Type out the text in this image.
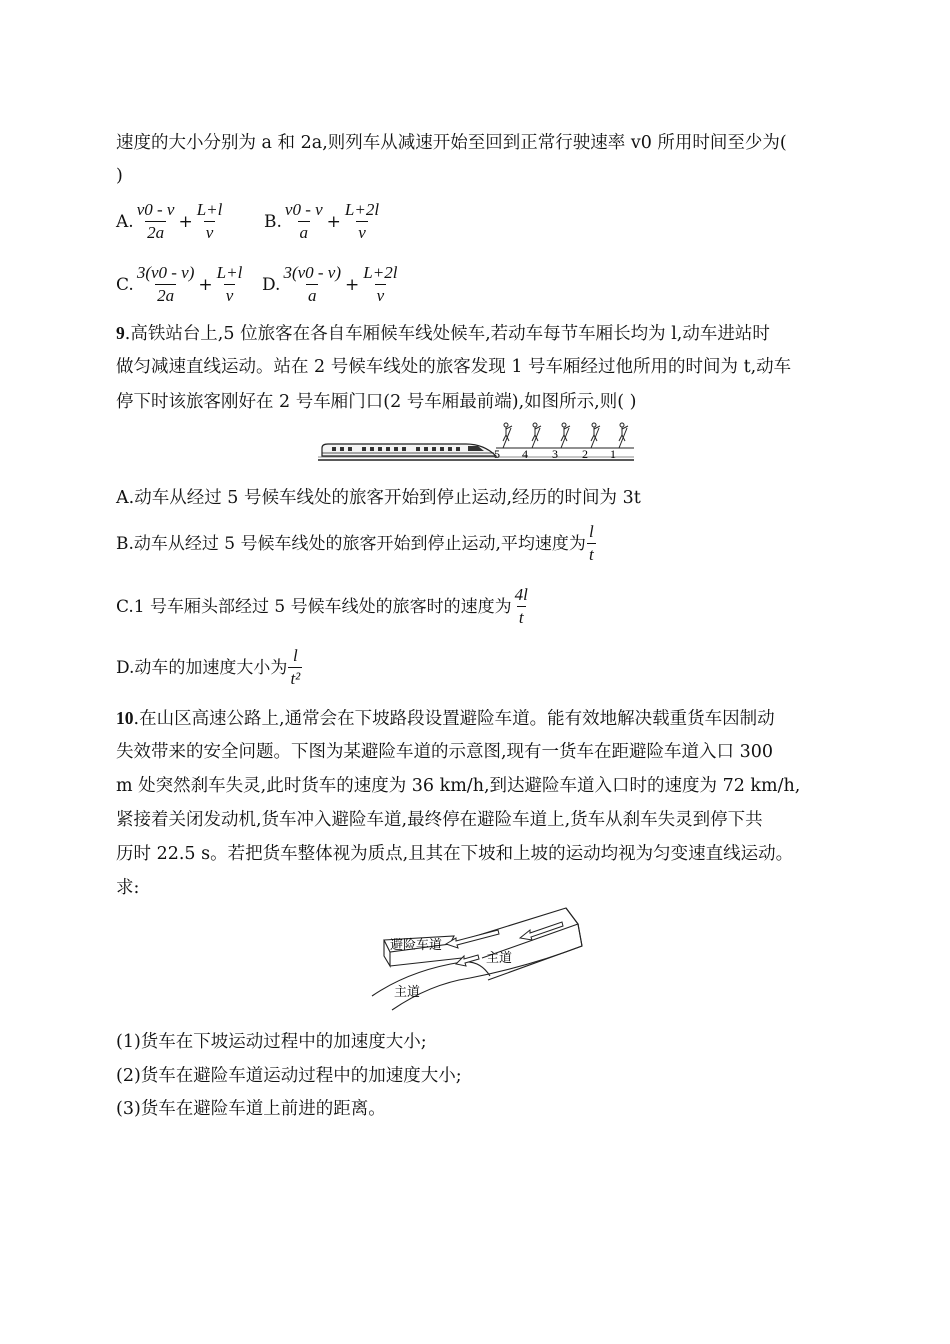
速度的大小分别为 a 和 2a,则列车从减速开始至回到正常行驶速率 v0 所用时间至少为(
)
A. $\frac{v0 - v}{2a} + \frac{L+l}{v} B$. $\frac{v0 - v}{a} + \frac{L+2l}{v}$
C. $\frac{3(v0 - v)}{2a} + \frac{L+l}{v} D$. $\frac{3(v0 - v)}{a} + \frac{L+2l}{v}$
9.高铁站台上,5 位旅客在各自车厢候车线处候车,若动车每节车厢长均为 l,动车进站时
做匀减速直线运动。站在 2 号候车线处的旅客发现 1 号车厢经过他所用的时间为 t,动车
停下时该旅客刚好在 2 号车厢门口(2 号车厢最前端),如图所示,则( )
5 4 3 2 1
A.动车从经过 5 号候车线处的旅客开始到停止运动,经历的时间为 3t
B.动车从经过 5 号候车线处的旅客开始到停止运动,平均速度为 $\frac{l}{t}$
C.1 号车厢头部经过 5 号候车线处的旅客时的速度为 $\frac{4l}{t}$
D.动车的加速度大小为 $\frac{l}{\text{t²}}$
10.在山区高速公路上,通常会在下坡路段设置避险车道。能有效地解决载重货车因制动
失效带来的安全问题。下图为某避险车道的示意图,现有一货车在距避险车道入口 300
m 处突然刹车失灵,此时货车的速度为 36 km/h,到达避险车道入口时的速度为 72 km/h,
紧接着关闭发动机,货车冲入避险车道,最终停在避险车道上,货车从刹车失灵到停下共
历时 22.5 s。若把货车整体视为质点,且其在下坡和上坡的运动均视为匀变速直线运动。
求:
避险车道
主道
主道
(1)货车在下坡运动过程中的加速度大小;
(2)货车在避险车道运动过程中的加速度大小;
(3)货车在避险车道上前进的距离。
